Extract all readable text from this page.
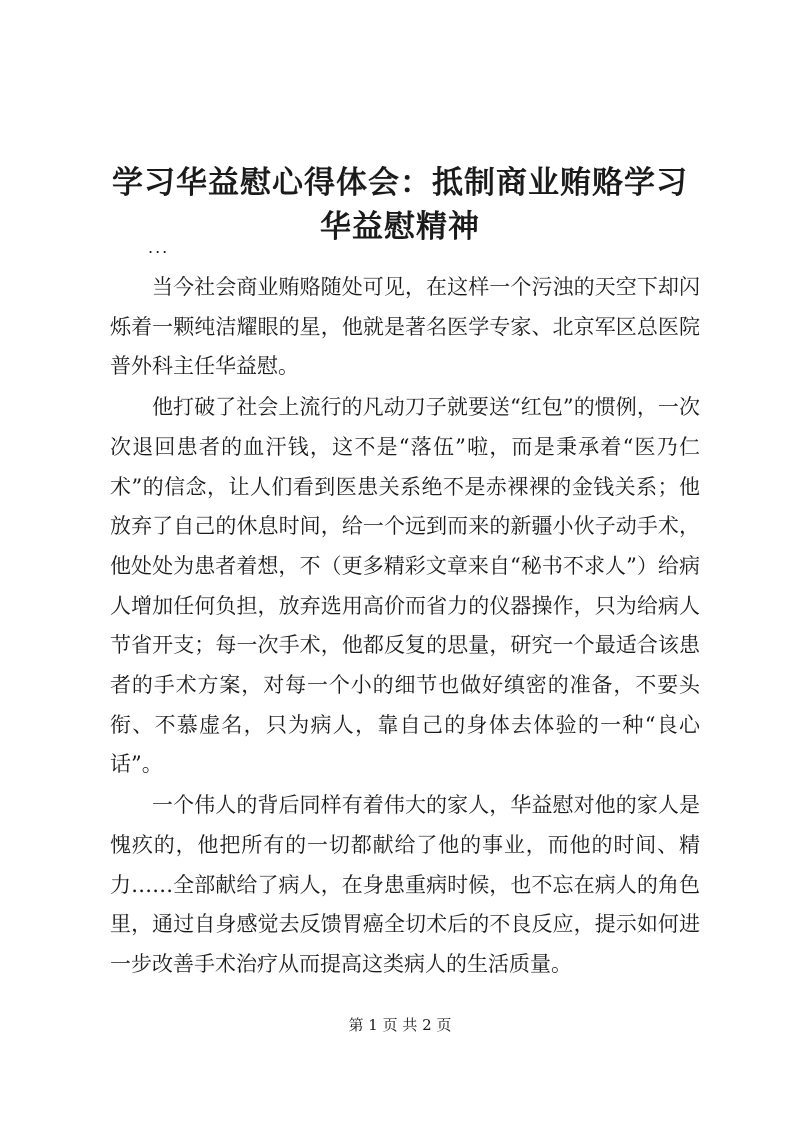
学习华益慰心得体会：抵制商业贿赂学习华益慰精神
...

当今社会商业贿赂随处可见，在这样一个污浊的天空下却闪烁着一颗纯洁耀眼的星，他就是著名医学专家、北京军区总医院普外科主任华益慰。

他打破了社会上流行的凡动刀子就要送“红包”的惯例，一次次退回患者的血汗钱，这不是“落伍”啦，而是秉承着“医乃仁术”的信念，让人们看到医患关系绝不是赤裸裸的金钱关系；他放弃了自己的休息时间，给一个远到而来的新疆小伙子动手术，他处处为患者着想，不（更多精彩文章来自“秘书不求人”）给病人增加任何负担，放弃选用高价而省力的仪器操作，只为给病人节省开支；每一次手术，他都反复的思量，研究一个最适合该患者的手术方案，对每一个小的细节也做好缜密的准备，不要头衔、不慕虚名，只为病人，靠自己的身体去体验的一种“良心话”。

一个伟人的背后同样有着伟大的家人，华益慰对他的家人是愧疚的，他把所有的一切都献给了他的事业，而他的时间、精力……全部献给了病人，在身患重病时候，也不忘在病人的角色里，通过自身感觉去反馈胃癌全切术后的不良反应，提示如何进一步改善手术治疗从而提高这类病人的生活质量。

第 1 页 共 2 页
